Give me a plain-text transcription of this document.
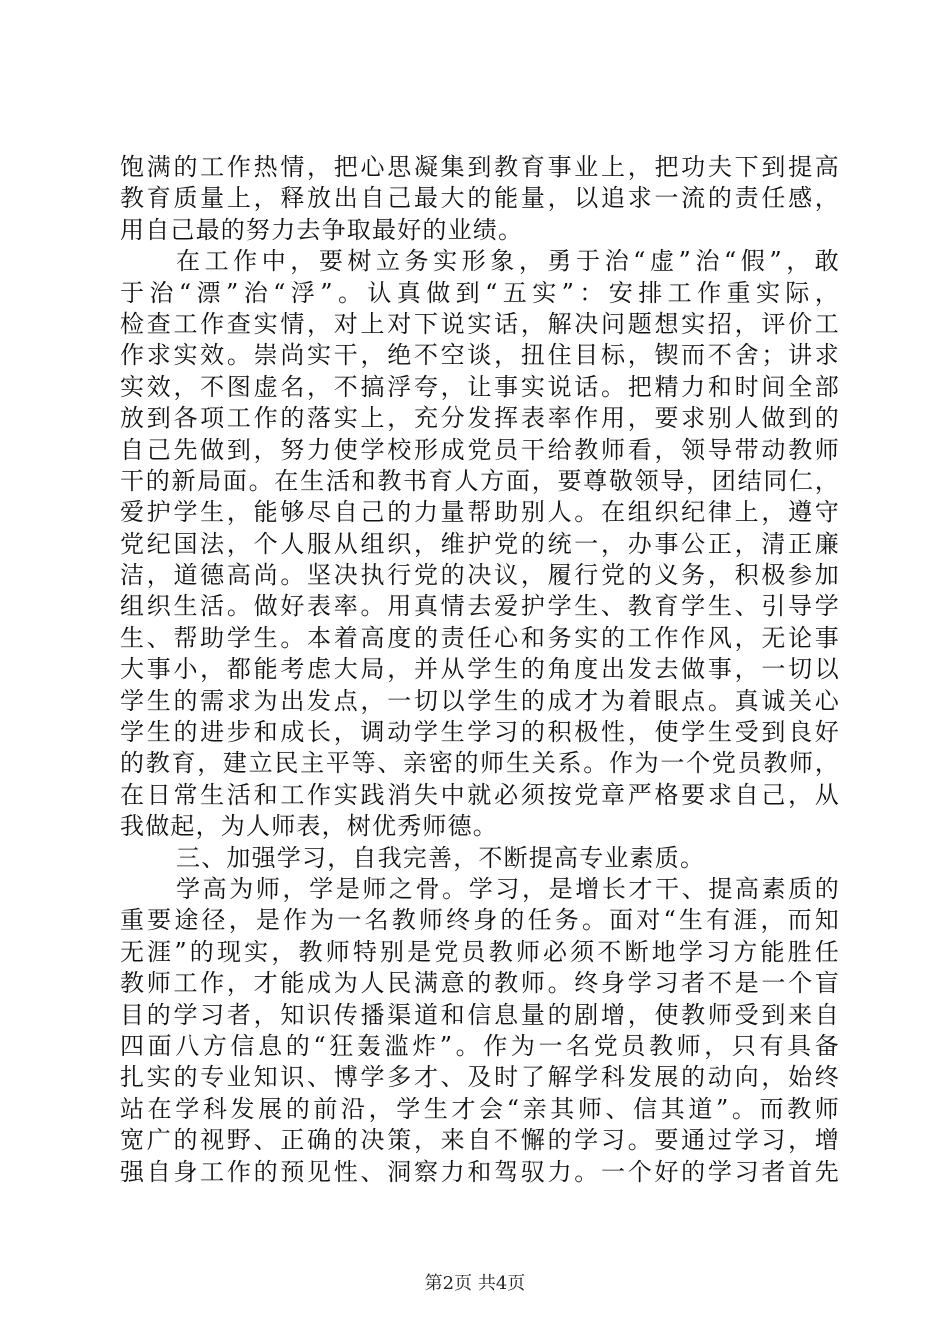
饱满的工作热情，把心思凝集到教育事业上，把功夫下到提高
教育质量上，释放出自己最大的能量，以追求一流的责任感，
用自己最的努力去争取最好的业绩。
在工作中，要树立务实形象，勇于治“虚”治“假”，敢
于治“漂”治“浮”。认真做到“五实”：安排工作重实际，
检查工作查实情，对上对下说实话，解决问题想实招，评价工
作求实效。崇尚实干，绝不空谈，扭住目标，锲而不舍；讲求
实效，不图虚名，不搞浮夸，让事实说话。把精力和时间全部
放到各项工作的落实上，充分发挥表率作用，要求别人做到的
自己先做到，努力使学校形成党员干给教师看，领导带动教师
干的新局面。在生活和教书育人方面，要尊敬领导，团结同仁，
爱护学生，能够尽自己的力量帮助别人。在组织纪律上，遵守
党纪国法，个人服从组织，维护党的统一，办事公正，清正廉
洁，道德高尚。坚决执行党的决议，履行党的义务，积极参加
组织生活。做好表率。用真情去爱护学生、教育学生、引导学
生、帮助学生。本着高度的责任心和务实的工作作风，无论事
大事小，都能考虑大局，并从学生的角度出发去做事，一切以
学生的需求为出发点，一切以学生的成才为着眼点。真诚关心
学生的进步和成长，调动学生学习的积极性，使学生受到良好
的教育，建立民主平等、亲密的师生关系。作为一个党员教师，
在日常生活和工作实践消失中就必须按党章严格要求自己，从
我做起，为人师表，树优秀师德。
三、加强学习，自我完善，不断提高专业素质。
学高为师，学是师之骨。学习，是增长才干、提高素质的
重要途径，是作为一名教师终身的任务。面对“生有涯，而知
无涯”的现实，教师特别是党员教师必须不断地学习方能胜任
教师工作，才能成为人民满意的教师。终身学习者不是一个盲
目的学习者，知识传播渠道和信息量的剧增，使教师受到来自
四面八方信息的“狂轰滥炸”。作为一名党员教师，只有具备
扎实的专业知识、博学多才、及时了解学科发展的动向，始终
站在学科发展的前沿，学生才会“亲其师、信其道”。而教师
宽广的视野、正确的决策，来自不懈的学习。要通过学习，增
强自身工作的预见性、洞察力和驾驭力。一个好的学习者首先
第2页 共4页
